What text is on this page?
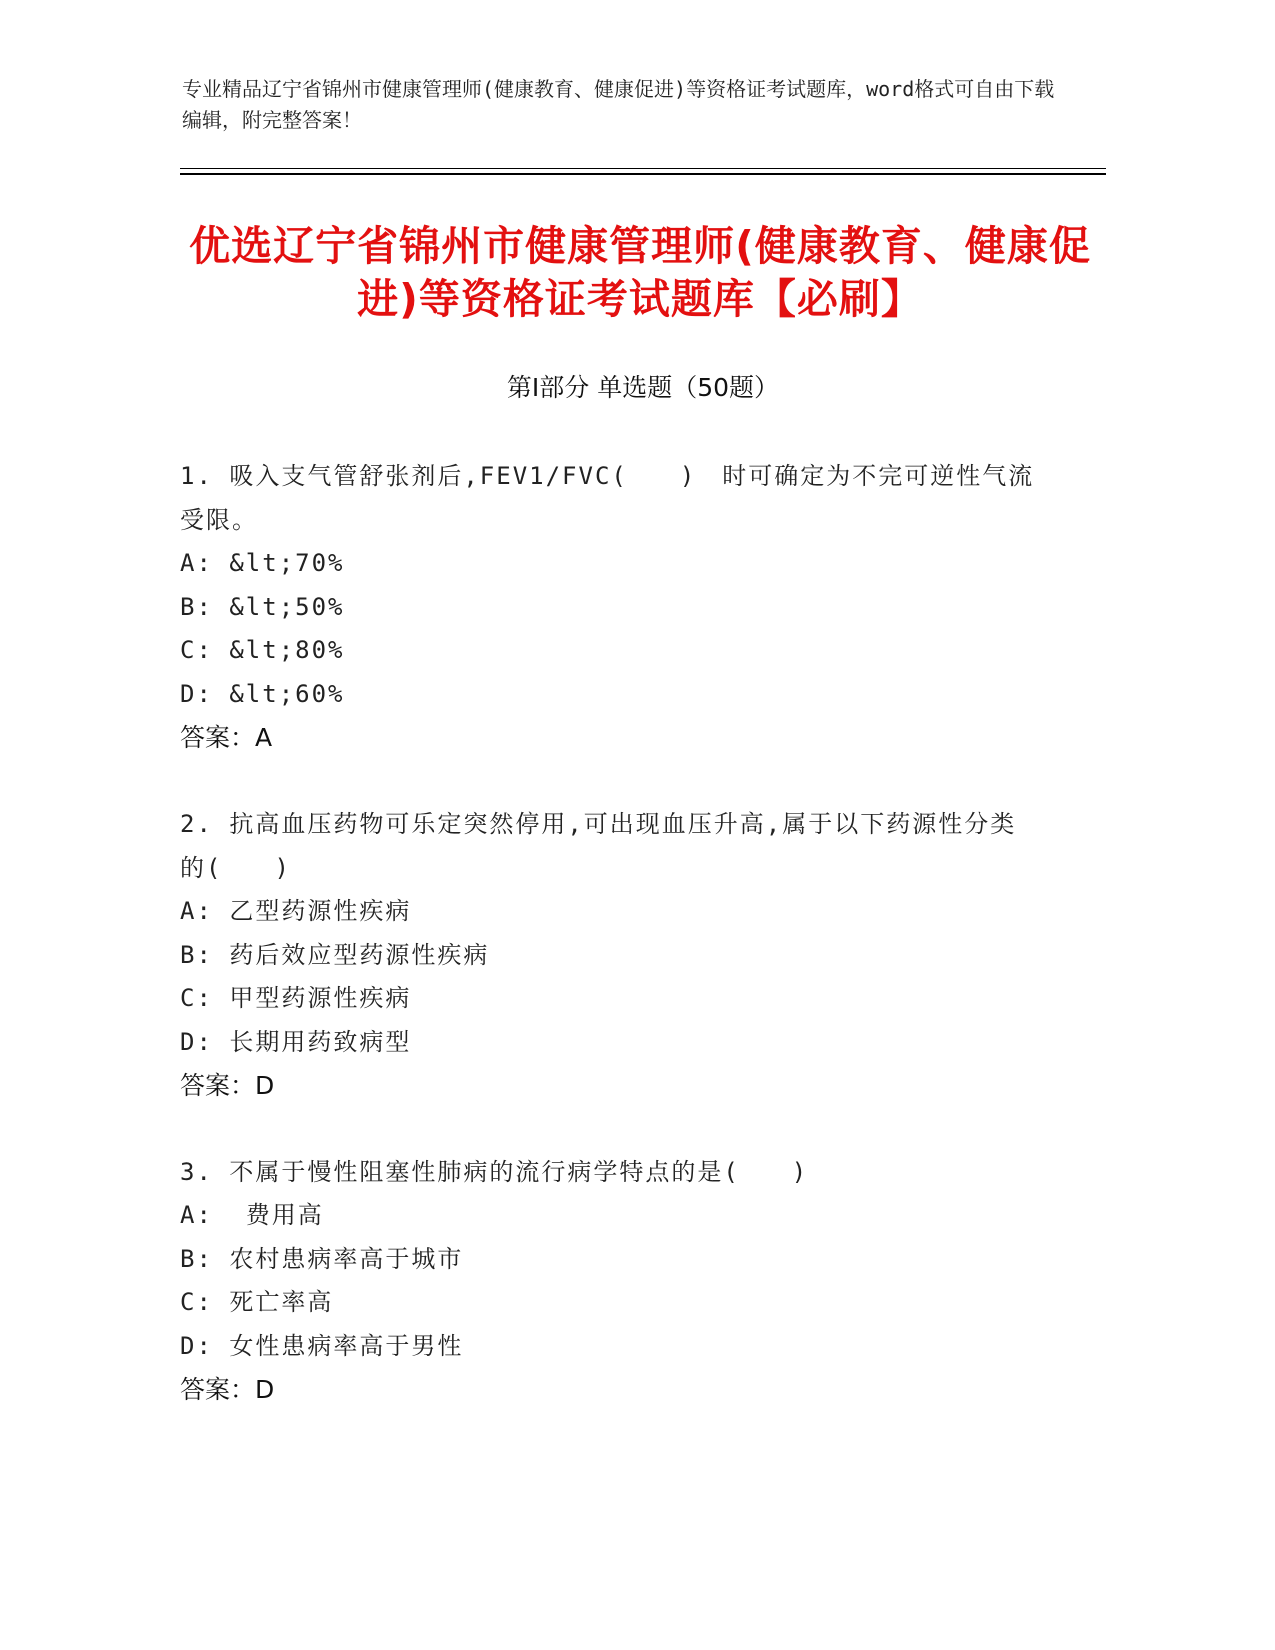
专业精品辽宁省锦州市健康管理师(健康教育、健康促进)等资格证考试题库，word格式可自由下载编辑，附完整答案！
优选辽宁省锦州市健康管理师(健康教育、健康促进)等资格证考试题库【必刷】
第Ⅰ部分 单选题（50题）
1. 吸入支气管舒张剂后,FEV1/FVC(　　)　时可确定为不完可逆性气流受限。
A: &lt;70%
B: &lt;50%
C: &lt;80%
D: &lt;60%
答案：A
2. 抗高血压药物可乐定突然停用,可出现血压升高,属于以下药源性分类的(　　)
A: 乙型药源性疾病
B: 药后效应型药源性疾病
C: 甲型药源性疾病
D: 长期用药致病型
答案：D
3. 不属于慢性阻塞性肺病的流行病学特点的是(　　)
A:  费用高
B: 农村患病率高于城市
C: 死亡率高
D: 女性患病率高于男性
答案：D
